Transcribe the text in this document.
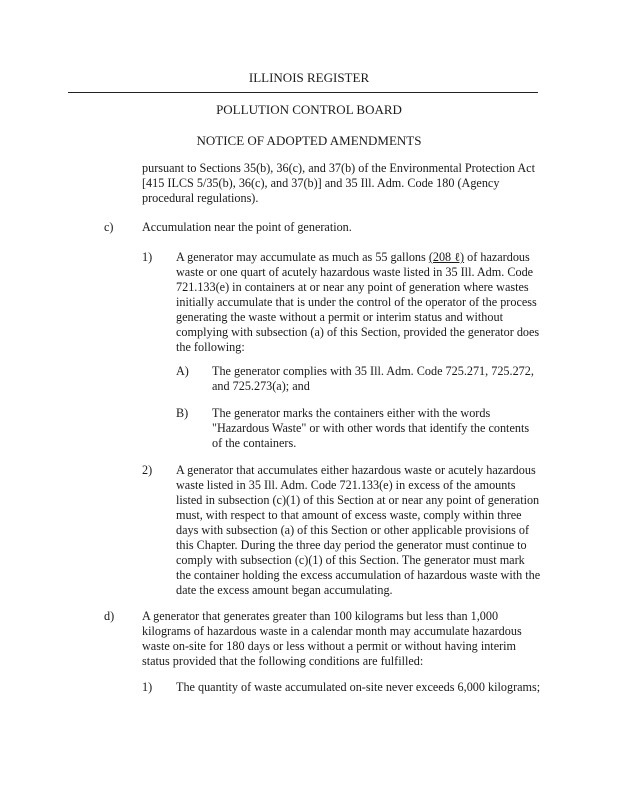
ILLINOIS REGISTER
POLLUTION CONTROL BOARD
NOTICE OF ADOPTED AMENDMENTS
pursuant to Sections 35(b), 36(c), and 37(b) of the Environmental Protection Act
[415 ILCS 5/35(b), 36(c), and 37(b)] and 35 Ill. Adm. Code 180 (Agency
procedural regulations).
c) Accumulation near the point of generation.
1) A generator may accumulate as much as 55 gallons (208 ℓ) of hazardous
waste or one quart of acutely hazardous waste listed in 35 Ill. Adm. Code
721.133(e) in containers at or near any point of generation where wastes
initially accumulate that is under the control of the operator of the process
generating the waste without a permit or interim status and without
complying with subsection (a) of this Section, provided the generator does
the following:
A) The generator complies with 35 Ill. Adm. Code 725.271, 725.272,
and 725.273(a); and
B) The generator marks the containers either with the words
"Hazardous Waste" or with other words that identify the contents
of the containers.
2) A generator that accumulates either hazardous waste or acutely hazardous
waste listed in 35 Ill. Adm. Code 721.133(e) in excess of the amounts
listed in subsection (c)(1) of this Section at or near any point of generation
must, with respect to that amount of excess waste, comply within three
days with subsection (a) of this Section or other applicable provisions of
this Chapter. During the three day period the generator must continue to
comply with subsection (c)(1) of this Section. The generator must mark
the container holding the excess accumulation of hazardous waste with the
date the excess amount began accumulating.
d) A generator that generates greater than 100 kilograms but less than 1,000
kilograms of hazardous waste in a calendar month may accumulate hazardous
waste on-site for 180 days or less without a permit or without having interim
status provided that the following conditions are fulfilled:
1) The quantity of waste accumulated on-site never exceeds 6,000 kilograms;
